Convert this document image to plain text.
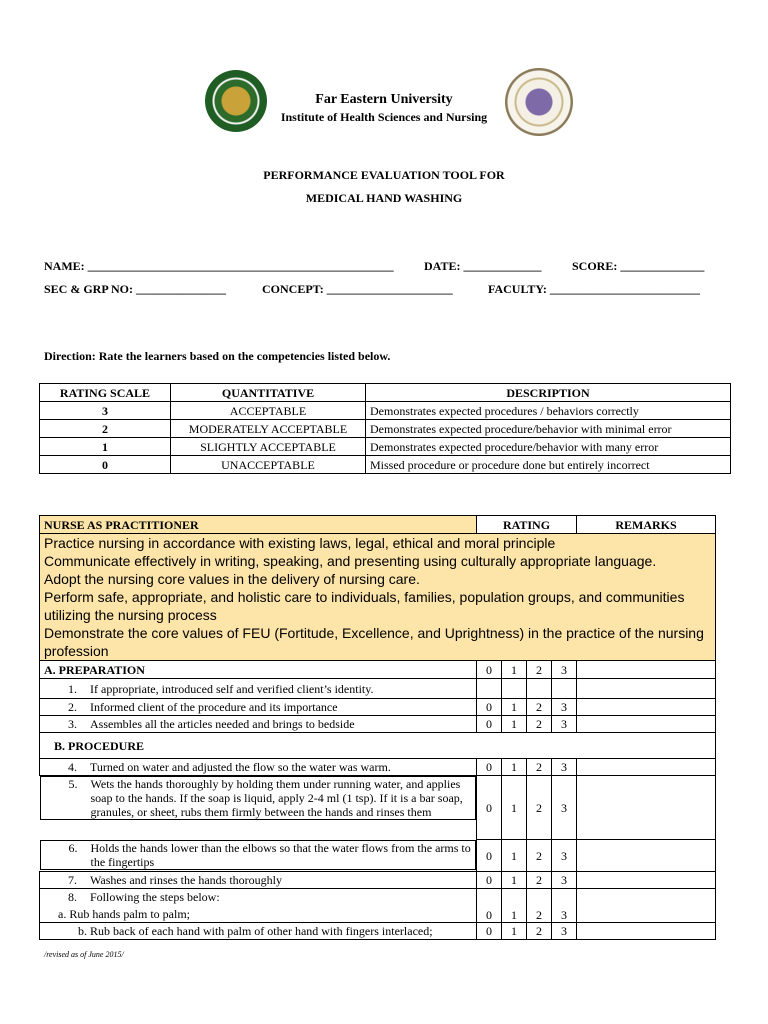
Far Eastern University
Institute of Health Sciences and Nursing
PERFORMANCE EVALUATION TOOL FOR
MEDICAL HAND WASHING
NAME: ___________________________________________________	DATE: _____________	SCORE: ______________
SEC & GRP NO: _______________	CONCEPT: _____________________	FACULTY: _________________________
Direction: Rate the learners based on the competencies listed below.
RATING SCALE	QUANTITATIVE	DESCRIPTION
3	ACCEPTABLE	Demonstrates expected procedures / behaviors correctly
2	MODERATELY ACCEPTABLE	Demonstrates expected procedure/behavior with minimal error
1	SLIGHTLY ACCEPTABLE	Demonstrates expected procedure/behavior with many error
0	UNACCEPTABLE	Missed procedure or procedure done but entirely incorrect
NURSE AS PRACTITIONER	RATING				REMARKS

Practice nursing in accordance with existing laws, legal, ethical and moral principle
Communicate effectively in writing, speaking, and presenting using culturally appropriate language.
Adopt the nursing core values in the delivery of nursing care.
Perform safe, appropriate, and holistic care to individuals, families, population groups, and communities utilizing the nursing process
Demonstrate the core values of FEU (Fortitude, Excellence, and Uprightness) in the practice of the nursing profession					

A. PREPARATION	0	1	2	3	
1. If appropriate, introduced self and verified client’s identity.					
2. Informed client of the procedure and its importance	0	1	2	3	
3. Assembles all the articles needed and brings to bedside	0	1	2	3	
B. PROCEDURE					
4. Turned on water and adjusted the flow so the water was warm.	0	1	2	3	

5.	Wets the hands thoroughly by holding them under running water, and applies soap to the hands. If the soap is liquid, apply 2-4 ml (1 tsp). If it is a bar soap, granules, or sheet, rubs them firmly between the hands and rinses them	0	1	2	3	

6.	Holds the hands lower than the elbows so that the water flows from the arms to the fingertips	0	1	2	3	
7. Washes and rinses the hands thoroughly	0	1	2	3	

8. Following the steps below:
a. Rub hands palm to palm;	0	1	2	3	
b. Rub back of each hand with palm of other hand with fingers interlaced;	0	1	2	3	
/revised as of June 2015/
